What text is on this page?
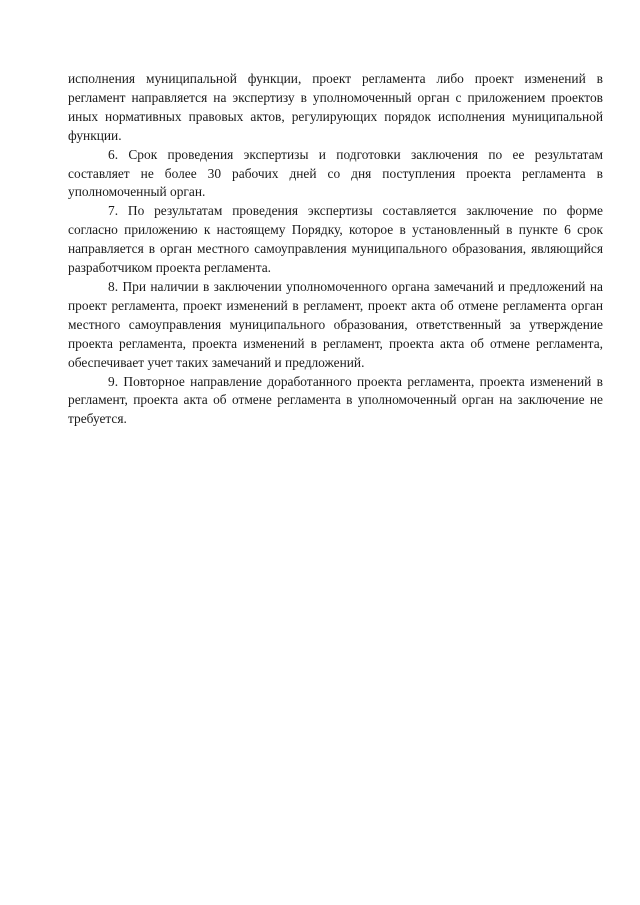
исполнения муниципальной функции, проект регламента либо проект изменений в регламент направляется на экспертизу в уполномоченный орган с приложением проектов иных нормативных правовых актов, регулирующих порядок исполнения муниципальной функции.

6. Срок проведения экспертизы и подготовки заключения по ее результатам составляет не более 30 рабочих дней со дня поступления проекта регламента в уполномоченный орган.

7. По результатам проведения экспертизы составляется заключение по форме согласно приложению к настоящему Порядку, которое в установленный в пункте 6 срок направляется в орган местного самоуправления муниципального образования, являющийся разработчиком проекта регламента.

8. При наличии в заключении уполномоченного органа замечаний и предложений на проект регламента, проект изменений в регламент, проект акта об отмене регламента орган местного самоуправления муниципального образования, ответственный за утверждение проекта регламента, проекта изменений в регламент, проекта акта об отмене регламента, обеспечивает учет таких замечаний и предложений.

9. Повторное направление доработанного проекта регламента, проекта изменений в регламент, проекта акта об отмене регламента в уполномоченный орган на заключение не требуется.
